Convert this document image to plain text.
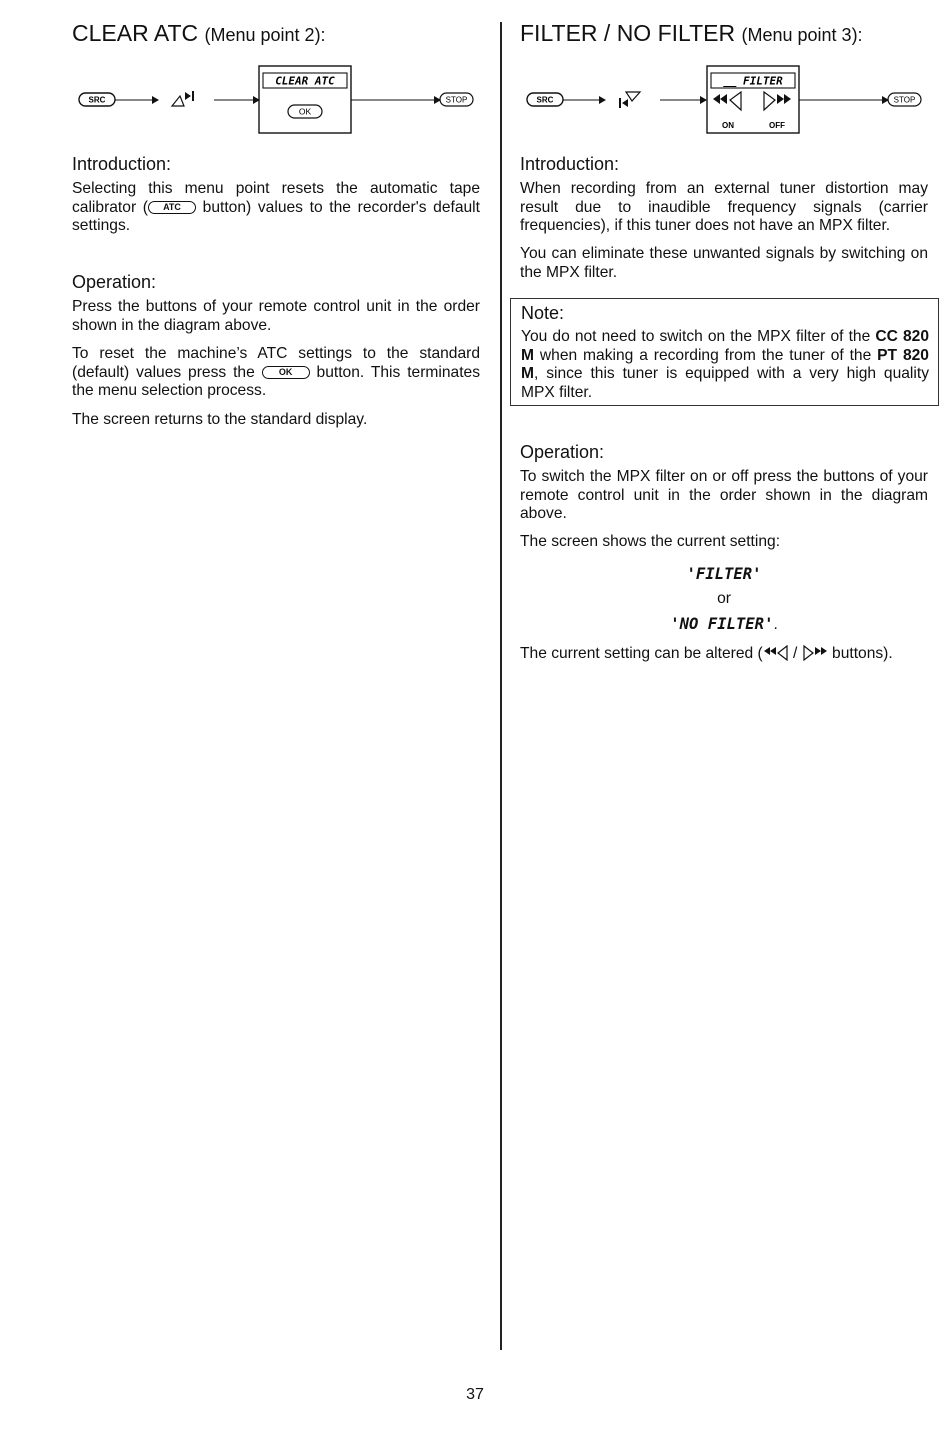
CLEAR ATC (Menu point 2):
SRC
CLEAR ATC
OK
STOP
Introduction:

Selecting this menu point resets the automatic tape calibrator ( ATC button) values to the recorder's default settings.

Operation:

Press the buttons of your remote control unit in the order shown in the diagram above.

To reset the machine’s ATC settings to the standard (default) values press the OK button. This terminates the menu selection process.

The screen returns to the standard display.

FILTER / NO FILTER (Menu point 3):
SRC
__ FILTER
ON	OFF
STOP
Introduction:

When recording from an external tuner distortion may result due to inaudible frequency signals (carrier frequencies), if this tuner does not have an MPX filter.

You can eliminate these unwanted signals by switching on the MPX filter.

Note:

You do not need to switch on the MPX filter of the CC 820 M when making a recording from the tuner of the PT 820 M, since this tuner is equipped with a very high quality MPX filter.

Operation:

To switch the MPX filter on or off press the buttons of your remote control unit in the order shown in the diagram above.

The screen shows the current setting:

'FILTER'
or
'NO FILTER'.

The current setting can be altered ( /  buttons).

37
